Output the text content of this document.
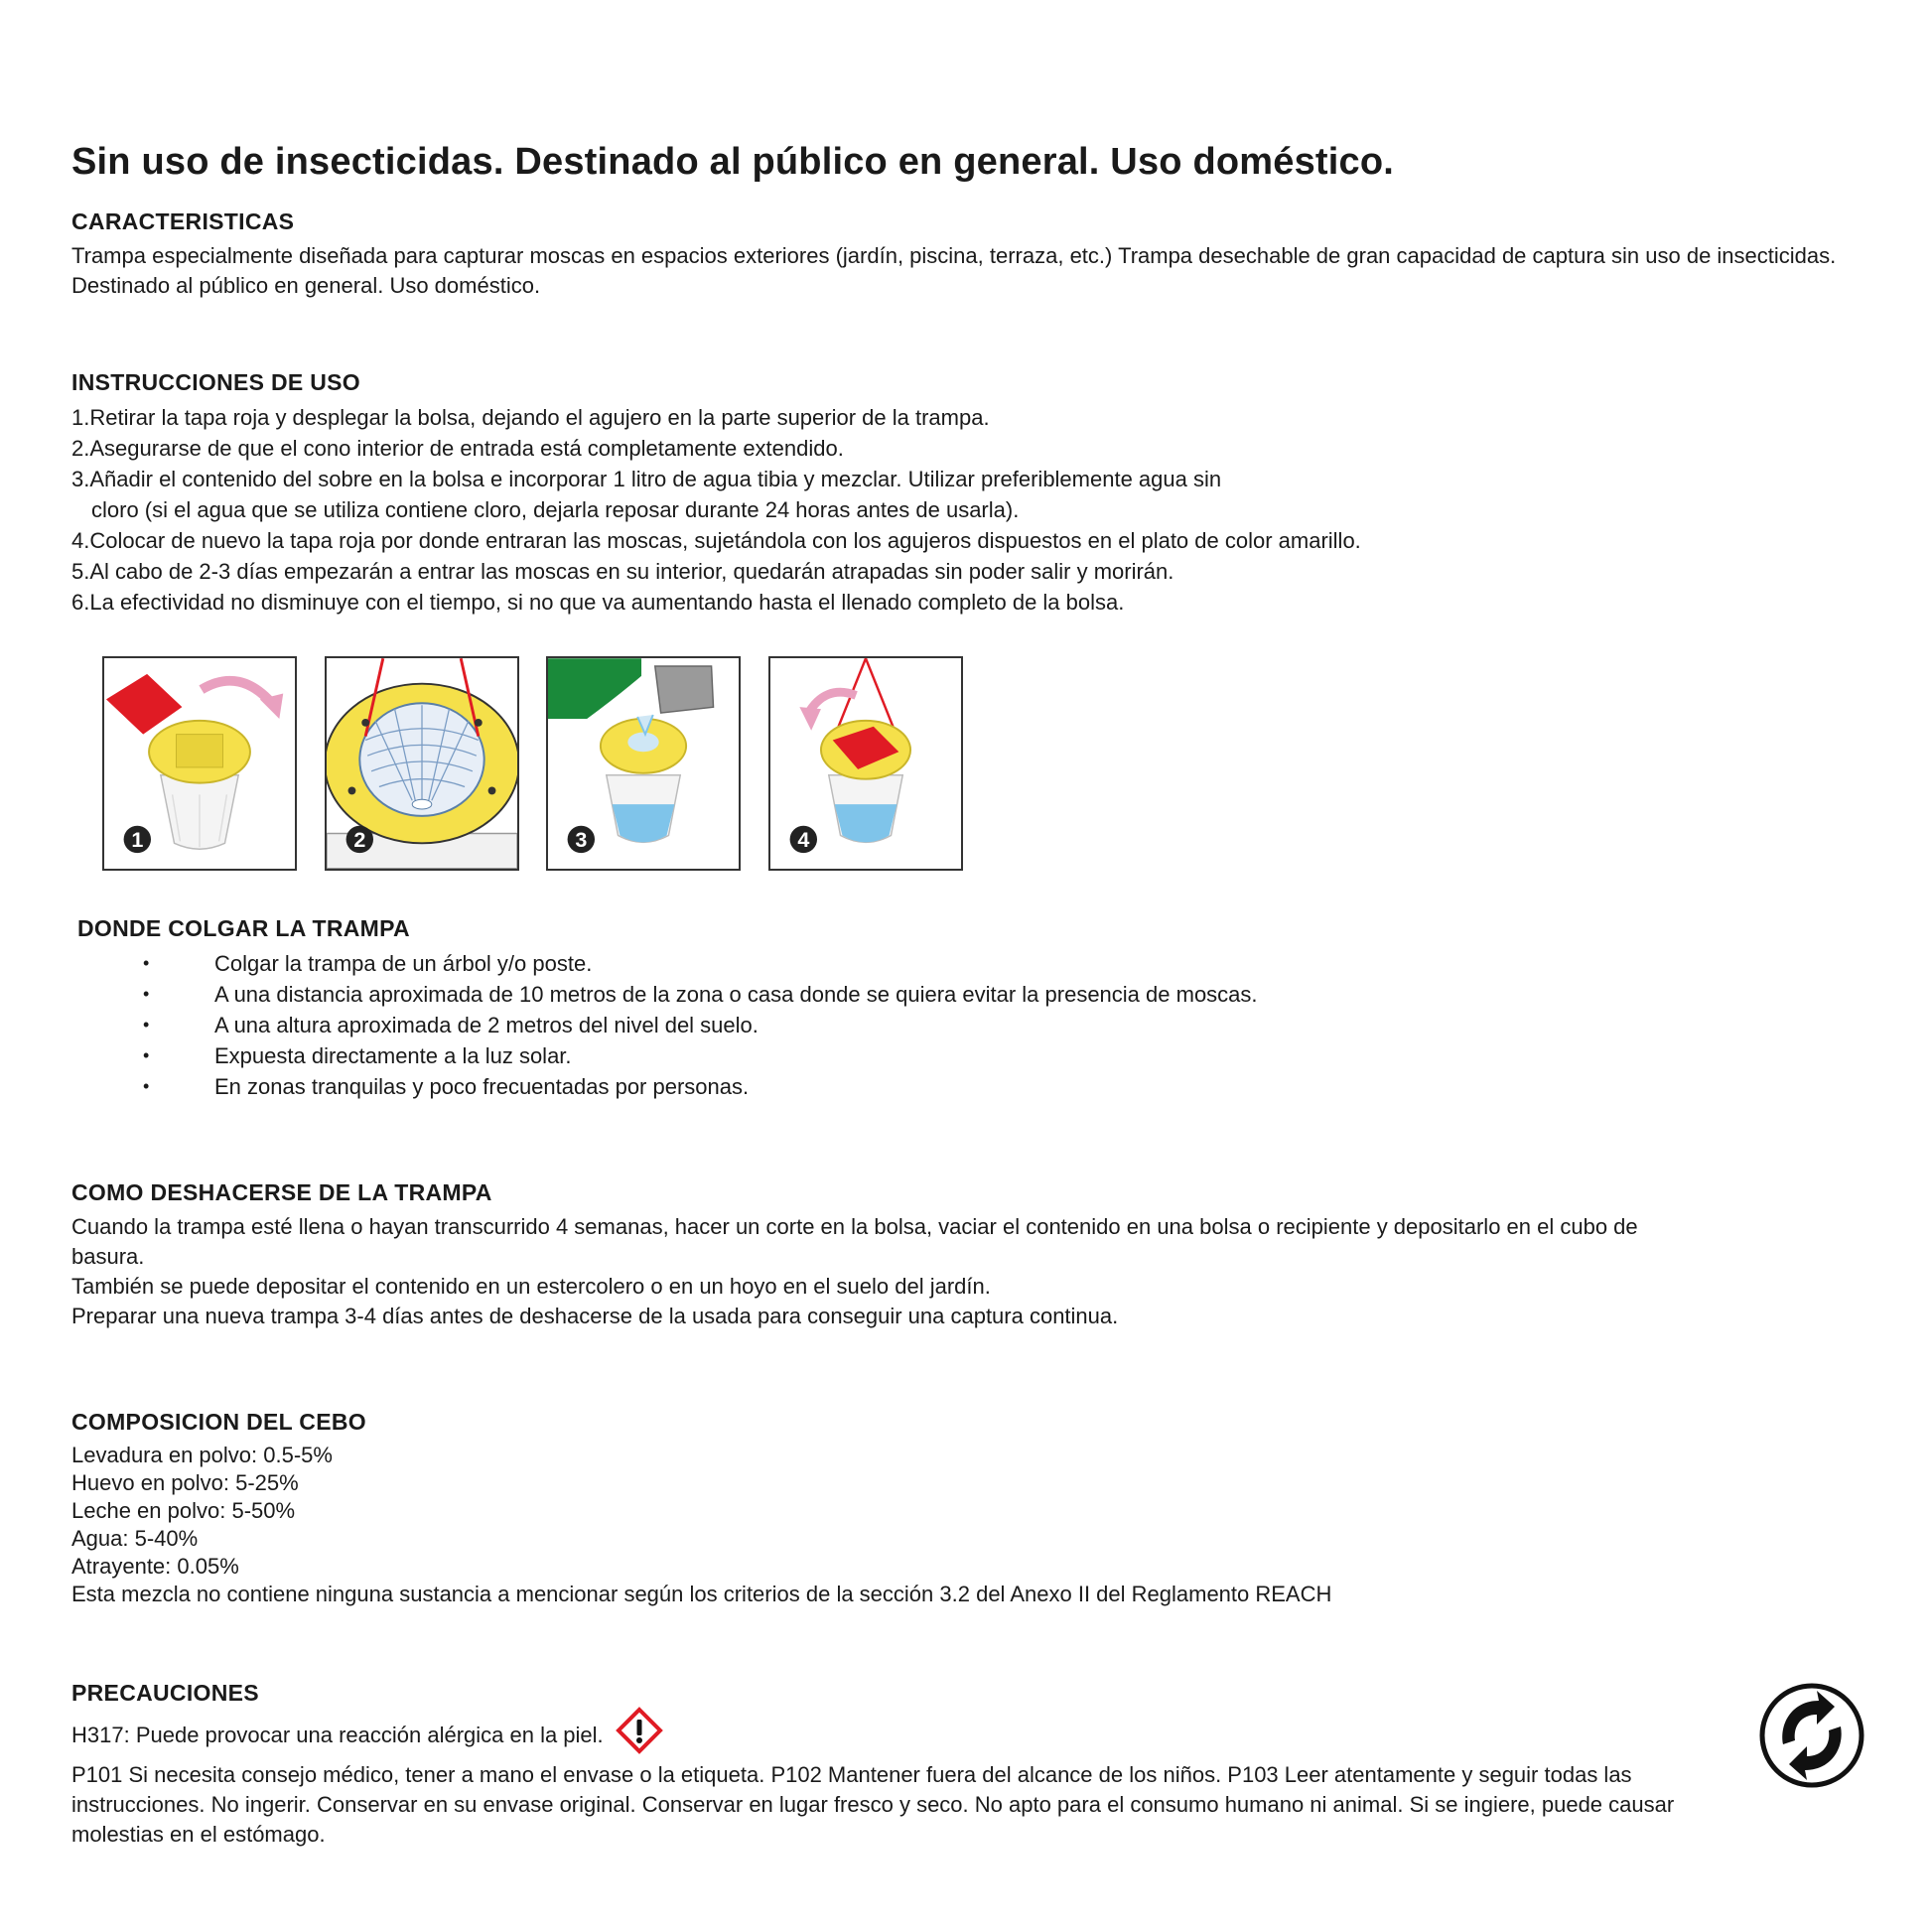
Sin uso de insecticidas. Destinado al público en general. Uso doméstico.
CARACTERISTICAS

Trampa especialmente diseñada para capturar moscas en espacios exteriores (jardín, piscina, terraza, etc.) Trampa desechable de gran capacidad de captura sin uso de insecticidas. Destinado al público en general. Uso doméstico.

INSTRUCCIONES DE USO
1.Retirar la tapa roja y desplegar la bolsa, dejando el agujero en la parte superior de la trampa.
2.Asegurarse de que el cono interior de entrada está completamente extendido.
3.Añadir el contenido del sobre en la bolsa e incorporar 1 litro de agua tibia y mezclar. Utilizar preferiblemente agua sin
cloro (si el agua que se utiliza contiene cloro, dejarla reposar durante 24 horas antes de usarla).
4.Colocar de nuevo la tapa roja por donde entraran las moscas, sujetándola con los agujeros dispuestos en el plato de color amarillo.
5.Al cabo de 2-3 días empezarán a entrar las moscas en su interior, quedarán atrapadas sin poder salir y morirán.
6.La efectividad no disminuye con el tiempo, si no que va aumentando hasta el llenado completo de la bolsa.
1	2	3	4
DONDE COLGAR LA TRAMPA
•	Colgar la trampa de un árbol y/o poste.
•	A una distancia aproximada de 10 metros de la zona o casa donde se quiera evitar la presencia de moscas.
•	A una altura aproximada de 2 metros del nivel del suelo.
•	Expuesta directamente a la luz solar.
•	En zonas tranquilas y poco frecuentadas por personas.
COMO DESHACERSE DE LA TRAMPA

Cuando la trampa esté llena o hayan transcurrido 4 semanas, hacer un corte en la bolsa, vaciar el contenido en una bolsa o recipiente y depositarlo en el cubo de basura.

También se puede depositar el contenido en un estercolero o en un hoyo en el suelo del jardín.

Preparar una nueva trampa 3-4 días antes de deshacerse de la usada para conseguir una captura continua.

COMPOSICION DEL CEBO

Levadura en polvo: 0.5-5%

Huevo en polvo: 5-25%

Leche en polvo: 5-50%

Agua: 5-40%

Atrayente: 0.05%

Esta mezcla no contiene ninguna sustancia a mencionar según los criterios de la sección 3.2 del Anexo II del Reglamento REACH

PRECAUCIONES

H317: Puede provocar una reacción alérgica en la piel.

P101 Si necesita consejo médico, tener a mano el envase o la etiqueta. P102 Mantener fuera del alcance de los niños. P103 Leer atentamente y seguir todas las instrucciones. No ingerir. Conservar en su envase original. Conservar en lugar fresco y seco. No apto para el consumo humano ni animal. Si se ingiere, puede causar molestias en el estómago.
